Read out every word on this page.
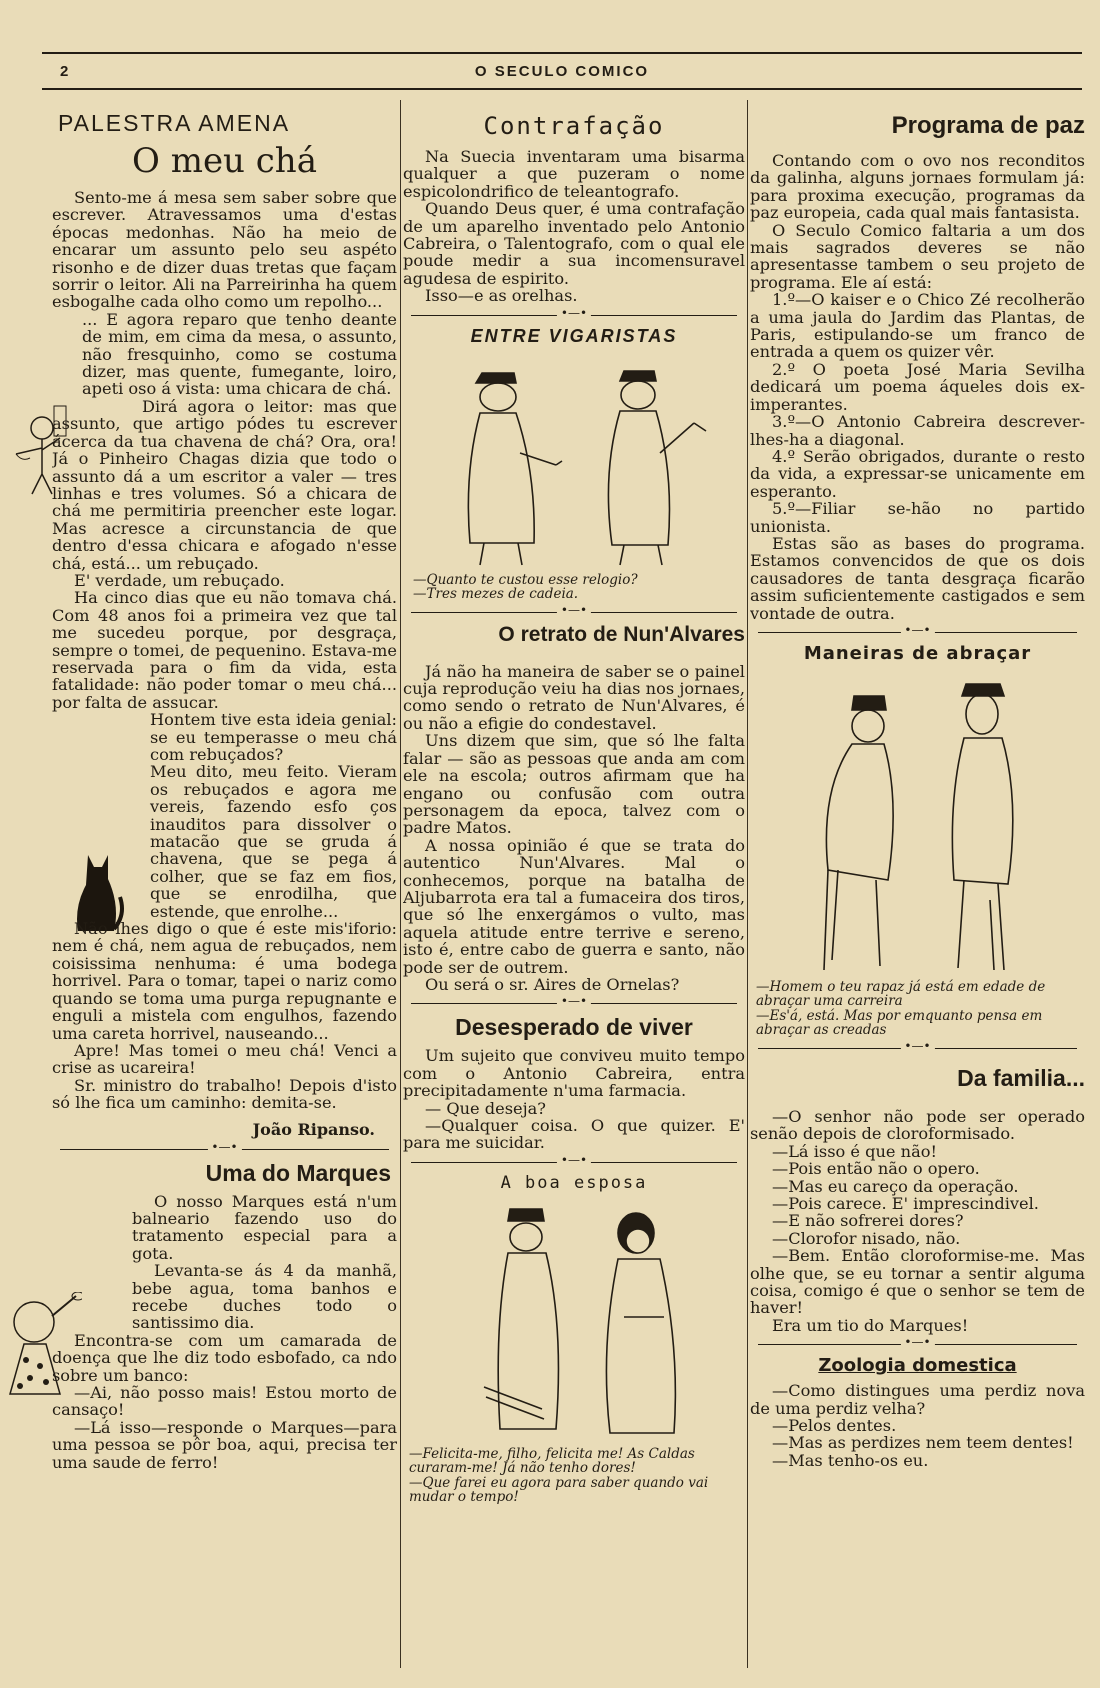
2	O SECULO COMICO
PALESTRA AMENA
O meu chá

Sento-me á mesa sem saber sobre que escrever. Atravessamos uma d'estas épocas medonhas. Não ha meio de encarar um assunto pelo seu aspéto risonho e de dizer duas tretas que façam sorrir o leitor. Ali na Parreirinha ha quem esbogalhe cada olho como um repolho...

... E agora reparo que tenho deante de mim, em cima da mesa, o assunto, não fresquinho, como se costuma dizer, mas quente, fumegante, loiro, apeti oso á vista: uma chicara de chá.

Dirá agora o leitor: mas que assunto, que artigo pódes tu escrever ácerca da tua chavena de chá? Ora, ora! Já o Pinheiro Chagas dizia que todo o assunto dá a um escritor a valer — tres linhas e tres volumes. Só a chicara de chá me permitiria preencher este logar. Mas acresce a circunstancia de que dentro d'essa chicara e afogado n'esse chá, está... um rebuçado.

E' verdade, um rebuçado.

Ha cinco dias que eu não tomava chá. Com 48 anos foi a primeira vez que tal me sucedeu porque, por desgraça, sempre o tomei, de pequenino. Estava-me reservada para o fim da vida, esta fatalidade: não poder tomar o meu chá... por falta de assucar.

Hontem tive esta ideia genial: se eu temperasse o meu chá com rebuçados?

Meu dito, meu feito. Vieram os rebuçados e agora me vereis, fazendo esfo ços inauditos para dissolver o matacão que se gruda á chavena, que se pega á colher, que se faz em fios, que se enrodilha, que estende, que enrolhe...

Não lhes digo o que é este mis'iforio: nem é chá, nem agua de rebuçados, nem coisissima nenhuma: é uma bodega horrivel. Para o tomar, tapei o nariz como quando se toma uma purga repugnante e enguli a mistela com engulhos, fazendo uma careta horrivel, nauseando...

Apre! Mas tomei o meu chá! Venci a crise as ucareira!

Sr. ministro do trabalho! Depois d'isto só lhe fica um caminho: demita-se.

João Ripanso.
•—•
Uma do Marques

O nosso Marques está n'um balneario fazendo uso do tratamento especial para a gota.

Levanta-se ás 4 da manhã, bebe agua, toma banhos e recebe duches todo o santissimo dia.

Encontra-se com um camarada de doença que lhe diz todo esbofado, ca ndo sobre um banco:

—Ai, não posso mais! Estou morto de cansaço!

—Lá isso—responde o Marques—para uma pessoa se pôr boa, aqui, precisa ter uma saude de ferro!

Contrafação

Na Suecia inventaram uma bisarma qualquer a que puzeram o nome espicolondrifico de teleantografo.

Quando Deus quer, é uma contrafação de um aparelho inventado pelo Antonio Cabreira, o Talentografo, com o qual ele poude medir a sua incomensuravel agudesa de espirito.

Isso—e as orelhas.

•—•
ENTRE VIGARISTAS
—Quanto te custou esse relogio?
—Tres mezes de cadeia.
•—•
O retrato de Nun'Alvares

Já não ha maneira de saber se o painel cuja reprodução veiu ha dias nos jornaes, como sendo o retrato de Nun'Alvares, é ou não a efigie do condestavel.

Uns dizem que sim, que só lhe falta falar — são as pessoas que anda am com ele na escola; outros afirmam que ha engano ou confusão com outra personagem da epoca, talvez com o padre Matos.

A nossa opinião é que se trata do autentico Nun'Alvares. Mal o conhecemos, porque na batalha de Aljubarrota era tal a fumaceira dos tiros, que só lhe enxergámos o vulto, mas aquela atitude entre terrive e sereno, isto é, entre cabo de guerra e santo, não pode ser de outrem.

Ou será o sr. Aires de Ornelas?

•—•
Desesperado de viver

Um sujeito que conviveu muito tempo com o Antonio Cabreira, entra precipitadamente n'uma farmacia.

— Que deseja?

—Qualquer coisa. O que quizer. E' para me suicidar.

•—•
A boa esposa
—Felicita-me, filho, felicita me! As Caldas curaram-me! Já não tenho dores!
—Que farei eu agora para saber quando vai mudar o tempo!
Programa de paz

Contando com o ovo nos reconditos da galinha, alguns jornaes formulam já: para proxima execução, programas da paz europeia, cada qual mais fantasista.

O Seculo Comico faltaria a um dos mais sagrados deveres se não apresentasse tambem o seu projeto de programa. Ele aí está:

1.º—O kaiser e o Chico Zé recolherão a uma jaula do Jardim das Plantas, de Paris, estipulando-se um franco de entrada a quem os quizer vêr.

2.º O poeta José Maria Sevilha dedicará um poema áqueles dois ex-imperantes.

3.º—O Antonio Cabreira descrever-lhes-ha a diagonal.

4.º Serão obrigados, durante o resto da vida, a expressar-se unicamente em esperanto.

5.º—Filiar se-hão no partido unionista.

Estas são as bases do programa. Estamos convencidos de que os dois causadores de tanta desgraça ficarão assim suficientemente castigados e sem vontade de outra.

•—•
Maneiras de abraçar
—Homem o teu rapaz já está em edade de abraçar uma carreira
—Es'á, está. Mas por emquanto pensa em abraçar as creadas
•—•
Da familia...

—O senhor não pode ser operado senão depois de cloroformisado.

—Lá isso é que não!

—Pois então não o opero.

—Mas eu careço da operação.

—Pois carece. E' imprescindivel.

—E não sofrerei dores?

—Clorofor nisado, não.

—Bem. Então cloroformise-me. Mas olhe que, se eu tornar a sentir alguma coisa, comigo é que o senhor se tem de haver!

Era um tio do Marques!

•—•
Zoologia domestica

—Como distingues uma perdiz nova de uma perdiz velha?

—Pelos dentes.

—Mas as perdizes nem teem dentes!

—Mas tenho-os eu.
